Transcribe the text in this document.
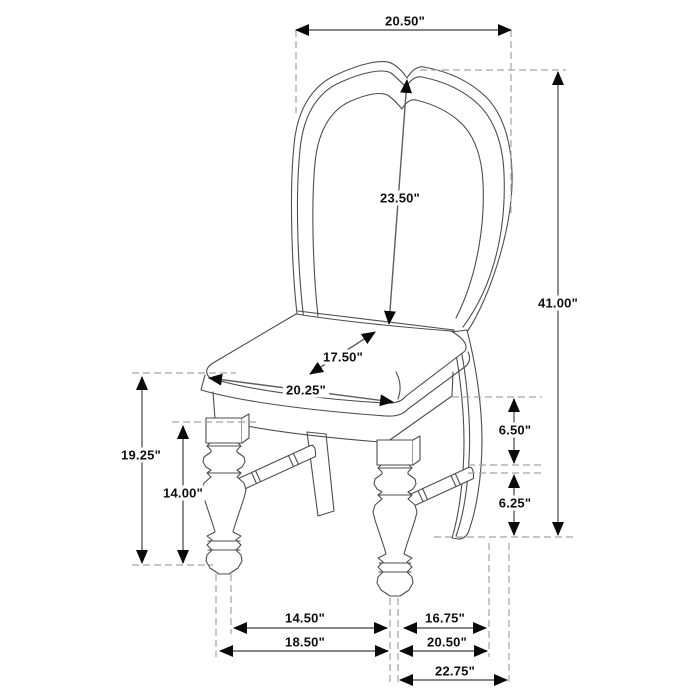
20.50"
23.50"
41.00"
17.50"
20.25"
6.50"
6.25"
19.25"
14.00"
14.50"	16.75"
18.50"	20.50"
22.75"
